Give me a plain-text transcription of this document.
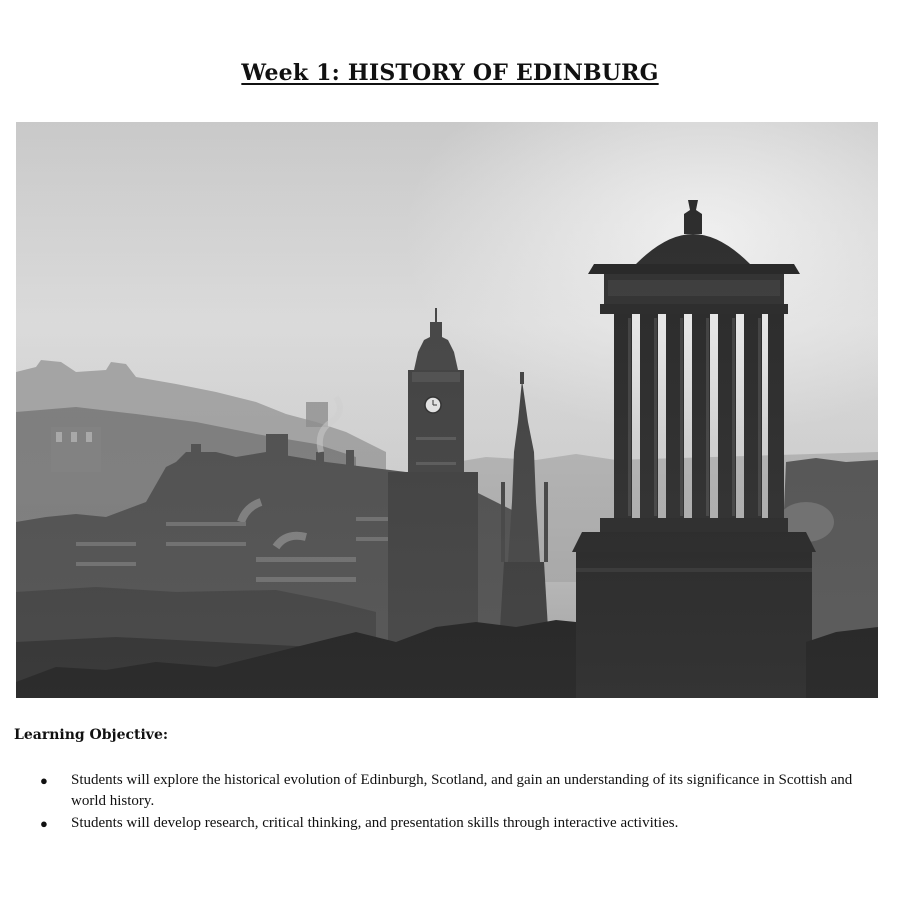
Week 1: HISTORY OF EDINBURG
Learning Objective:
● Students will explore the historical evolution of Edinburgh, Scotland, and gain an understanding of its significance in Scottish and world history.
● Students will develop research, critical thinking, and presentation skills through interactive activities.
